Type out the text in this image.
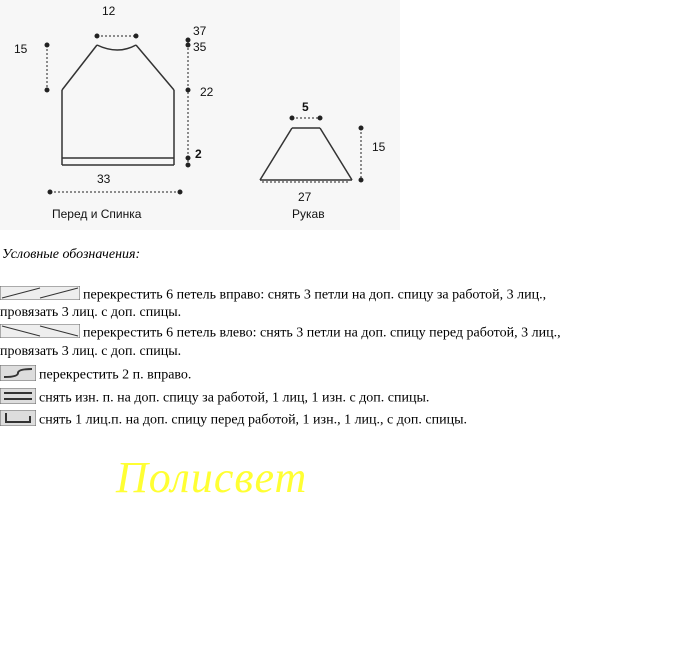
12
37
35
15
22
2
33
Перед и Спинка
5
15
27
Рукав
Условные обозначения:
перекрестить 6 петель вправо: снять 3 петли на доп. спицу за работой, 3 лиц.,
провязать 3 лиц. с доп. спицы.
перекрестить 6 петель влево: снять 3 петли на доп. спицу перед работой, 3 лиц.,
провязать 3 лиц. с доп. спицы.
перекрестить 2 п. вправо.
снять изн. п. на доп. спицу за работой, 1 лиц, 1 изн. с доп. спицы.
снять 1 лиц.п. на доп. спицу перед работой, 1 изн., 1 лиц., с доп. спицы.
Полисвет
